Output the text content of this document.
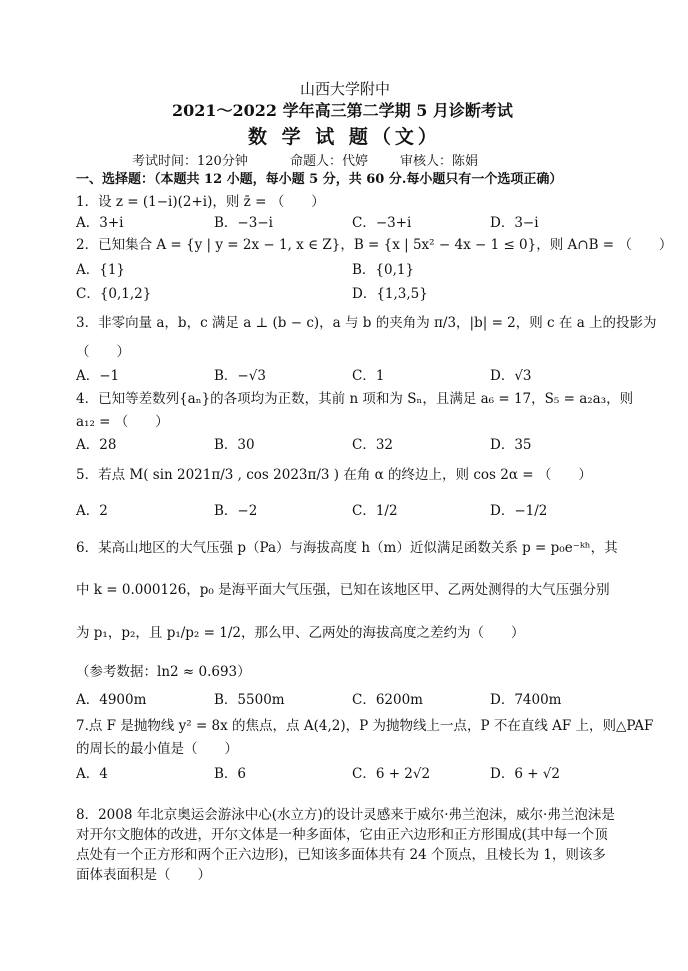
山西大学附中
2021～2022 学年高三第二学期 5 月诊断考试
数 学 试 题（文）
考试时间：120分钟	命题人：代婷 审核人：陈娟
一、选择题：（本题共 12 小题，每小题 5 分，共 60 分.每小题只有一个选项正确）
1．设 z = (1−i)(2+i)，则 z̄ = （　　）
A．3+i	B．−3−i	C．−3+i	D．3−i
2．已知集合 A = {y | y = 2x − 1, x ∈ Z}，B = {x | 5x² − 4x − 1 ≤ 0}，则 A∩B = （　　）
A．{1}	B．{0,1}
C．{0,1,2}	D．{1,3,5}
3．非零向量 a，b，c 满足 a ⊥ (b − c)，a 与 b 的夹角为 π/3，|b| = 2，则 c 在 a 上的投影为
（　　）
A．−1	B．−√3	C．1	D．√3
4．已知等差数列{aₙ}的各项均为正数，其前 n 项和为 Sₙ，且满足 a₆ = 17，S₅ = a₂a₃，则
a₁₂ = （　　）
A．28	B．30	C．32	D．35
5．若点 M( sin 2021π/3 , cos 2023π/3 ) 在角 α 的终边上，则 cos 2α = （　　）
A．2	B．−2	C．1/2	D．−1/2
6．某高山地区的大气压强 p（Pa）与海拔高度 h（m）近似满足函数关系 p = p₀e⁻ᵏʰ，其
中 k = 0.000126，p₀ 是海平面大气压强，已知在该地区甲、乙两处测得的大气压强分别
为 p₁，p₂，且 p₁/p₂ = 1/2，那么甲、乙两处的海拔高度之差约为（　　）
（参考数据：ln2 ≈ 0.693）
A．4900m	B．5500m	C．6200m	D．7400m
7.点 F 是抛物线 y² = 8x 的焦点，点 A(4,2)，P 为抛物线上一点，P 不在直线 AF 上，则△PAF
的周长的最小值是（　　）
A．4	B．6	C．6 + 2√2	D．6 + √2
8．2008 年北京奥运会游泳中心(水立方)的设计灵感来于威尔·弗兰泡沫，威尔·弗兰泡沫是对开尔文胞体的改进，开尔文体是一种多面体，它由正六边形和正方形围成(其中每一个顶点处有一个正方形和两个正六边形)，已知该多面体共有 24 个顶点，且棱长为 1，则该多面体表面积是（　　）
